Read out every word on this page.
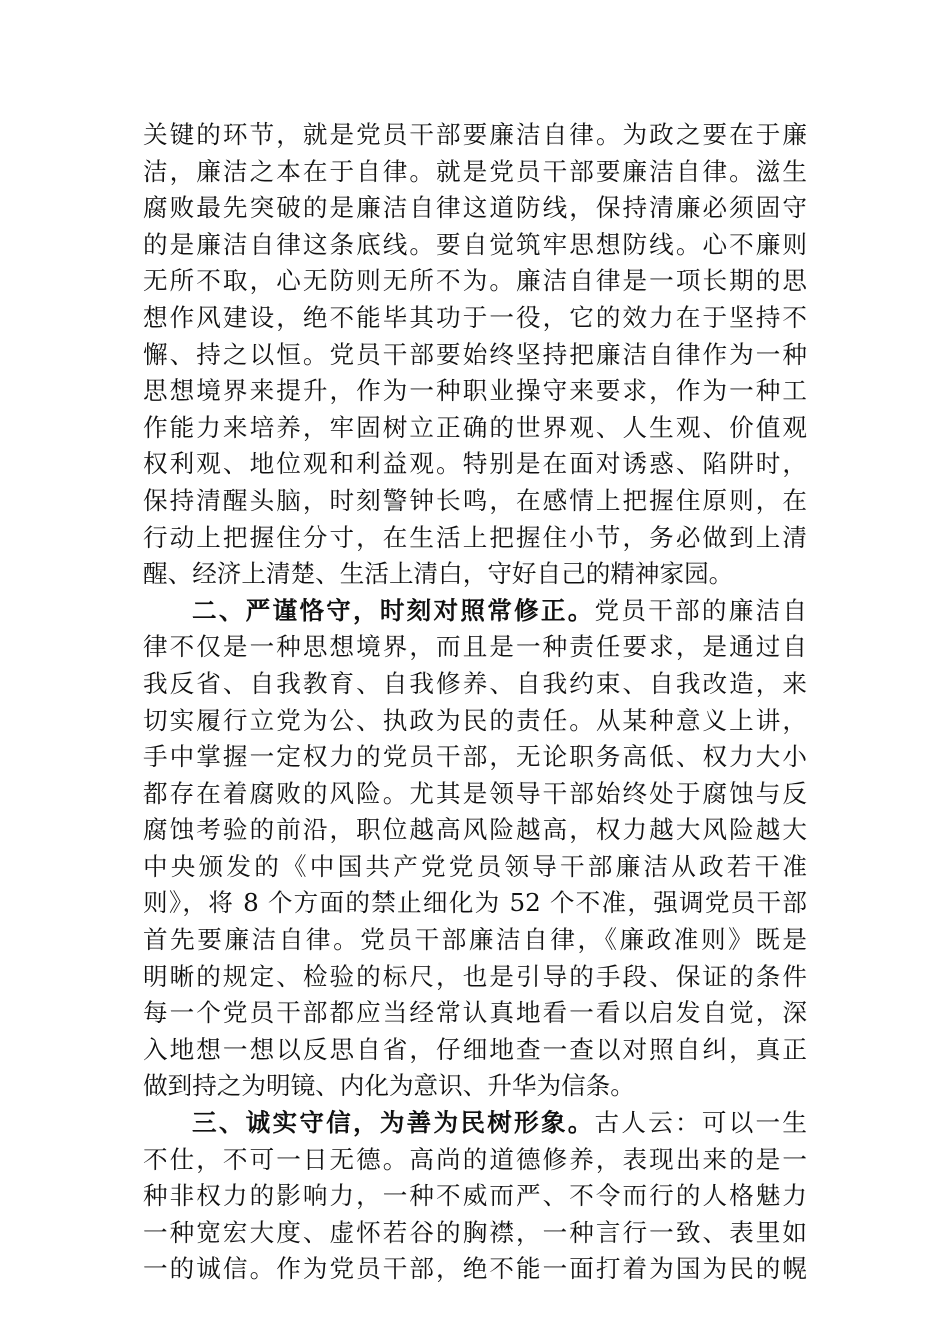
关键的环节，就是党员干部要廉洁自律。为政之要在于廉
洁，廉洁之本在于自律。就是党员干部要廉洁自律。滋生
腐败最先突破的是廉洁自律这道防线，保持清廉必须固守
的是廉洁自律这条底线。要自觉筑牢思想防线。心不廉则
无所不取，心无防则无所不为。廉洁自律是一项长期的思
想作风建设，绝不能毕其功于一役，它的效力在于坚持不
懈、持之以恒。党员干部要始终坚持把廉洁自律作为一种
思想境界来提升，作为一种职业操守来要求，作为一种工
作能力来培养，牢固树立正确的世界观、人生观、价值观
权利观、地位观和利益观。特别是在面对诱惑、陷阱时，
保持清醒头脑，时刻警钟长鸣，在感情上把握住原则，在
行动上把握住分寸，在生活上把握住小节，务必做到上清
醒、经济上清楚、生活上清白，守好自己的精神家园。
二、严谨恪守，时刻对照常修正。党员干部的廉洁自
律不仅是一种思想境界，而且是一种责任要求，是通过自
我反省、自我教育、自我修养、自我约束、自我改造，来
切实履行立党为公、执政为民的责任。从某种意义上讲，
手中掌握一定权力的党员干部，无论职务高低、权力大小
都存在着腐败的风险。尤其是领导干部始终处于腐蚀与反
腐蚀考验的前沿，职位越高风险越高，权力越大风险越大
中央颁发的《中国共产党党员领导干部廉洁从政若干准
则》，将 8 个方面的禁止细化为 52 个不准，强调党员干部
首先要廉洁自律。党员干部廉洁自律，《廉政准则》既是
明晰的规定、检验的标尺，也是引导的手段、保证的条件
每一个党员干部都应当经常认真地看一看以启发自觉，深
入地想一想以反思自省，仔细地查一查以对照自纠，真正
做到持之为明镜、内化为意识、升华为信条。
三、诚实守信，为善为民树形象。古人云：可以一生
不仕，不可一日无德。高尚的道德修养，表现出来的是一
种非权力的影响力，一种不威而严、不令而行的人格魅力
一种宽宏大度、虚怀若谷的胸襟，一种言行一致、表里如
一的诚信。作为党员干部，绝不能一面打着为国为民的幌
